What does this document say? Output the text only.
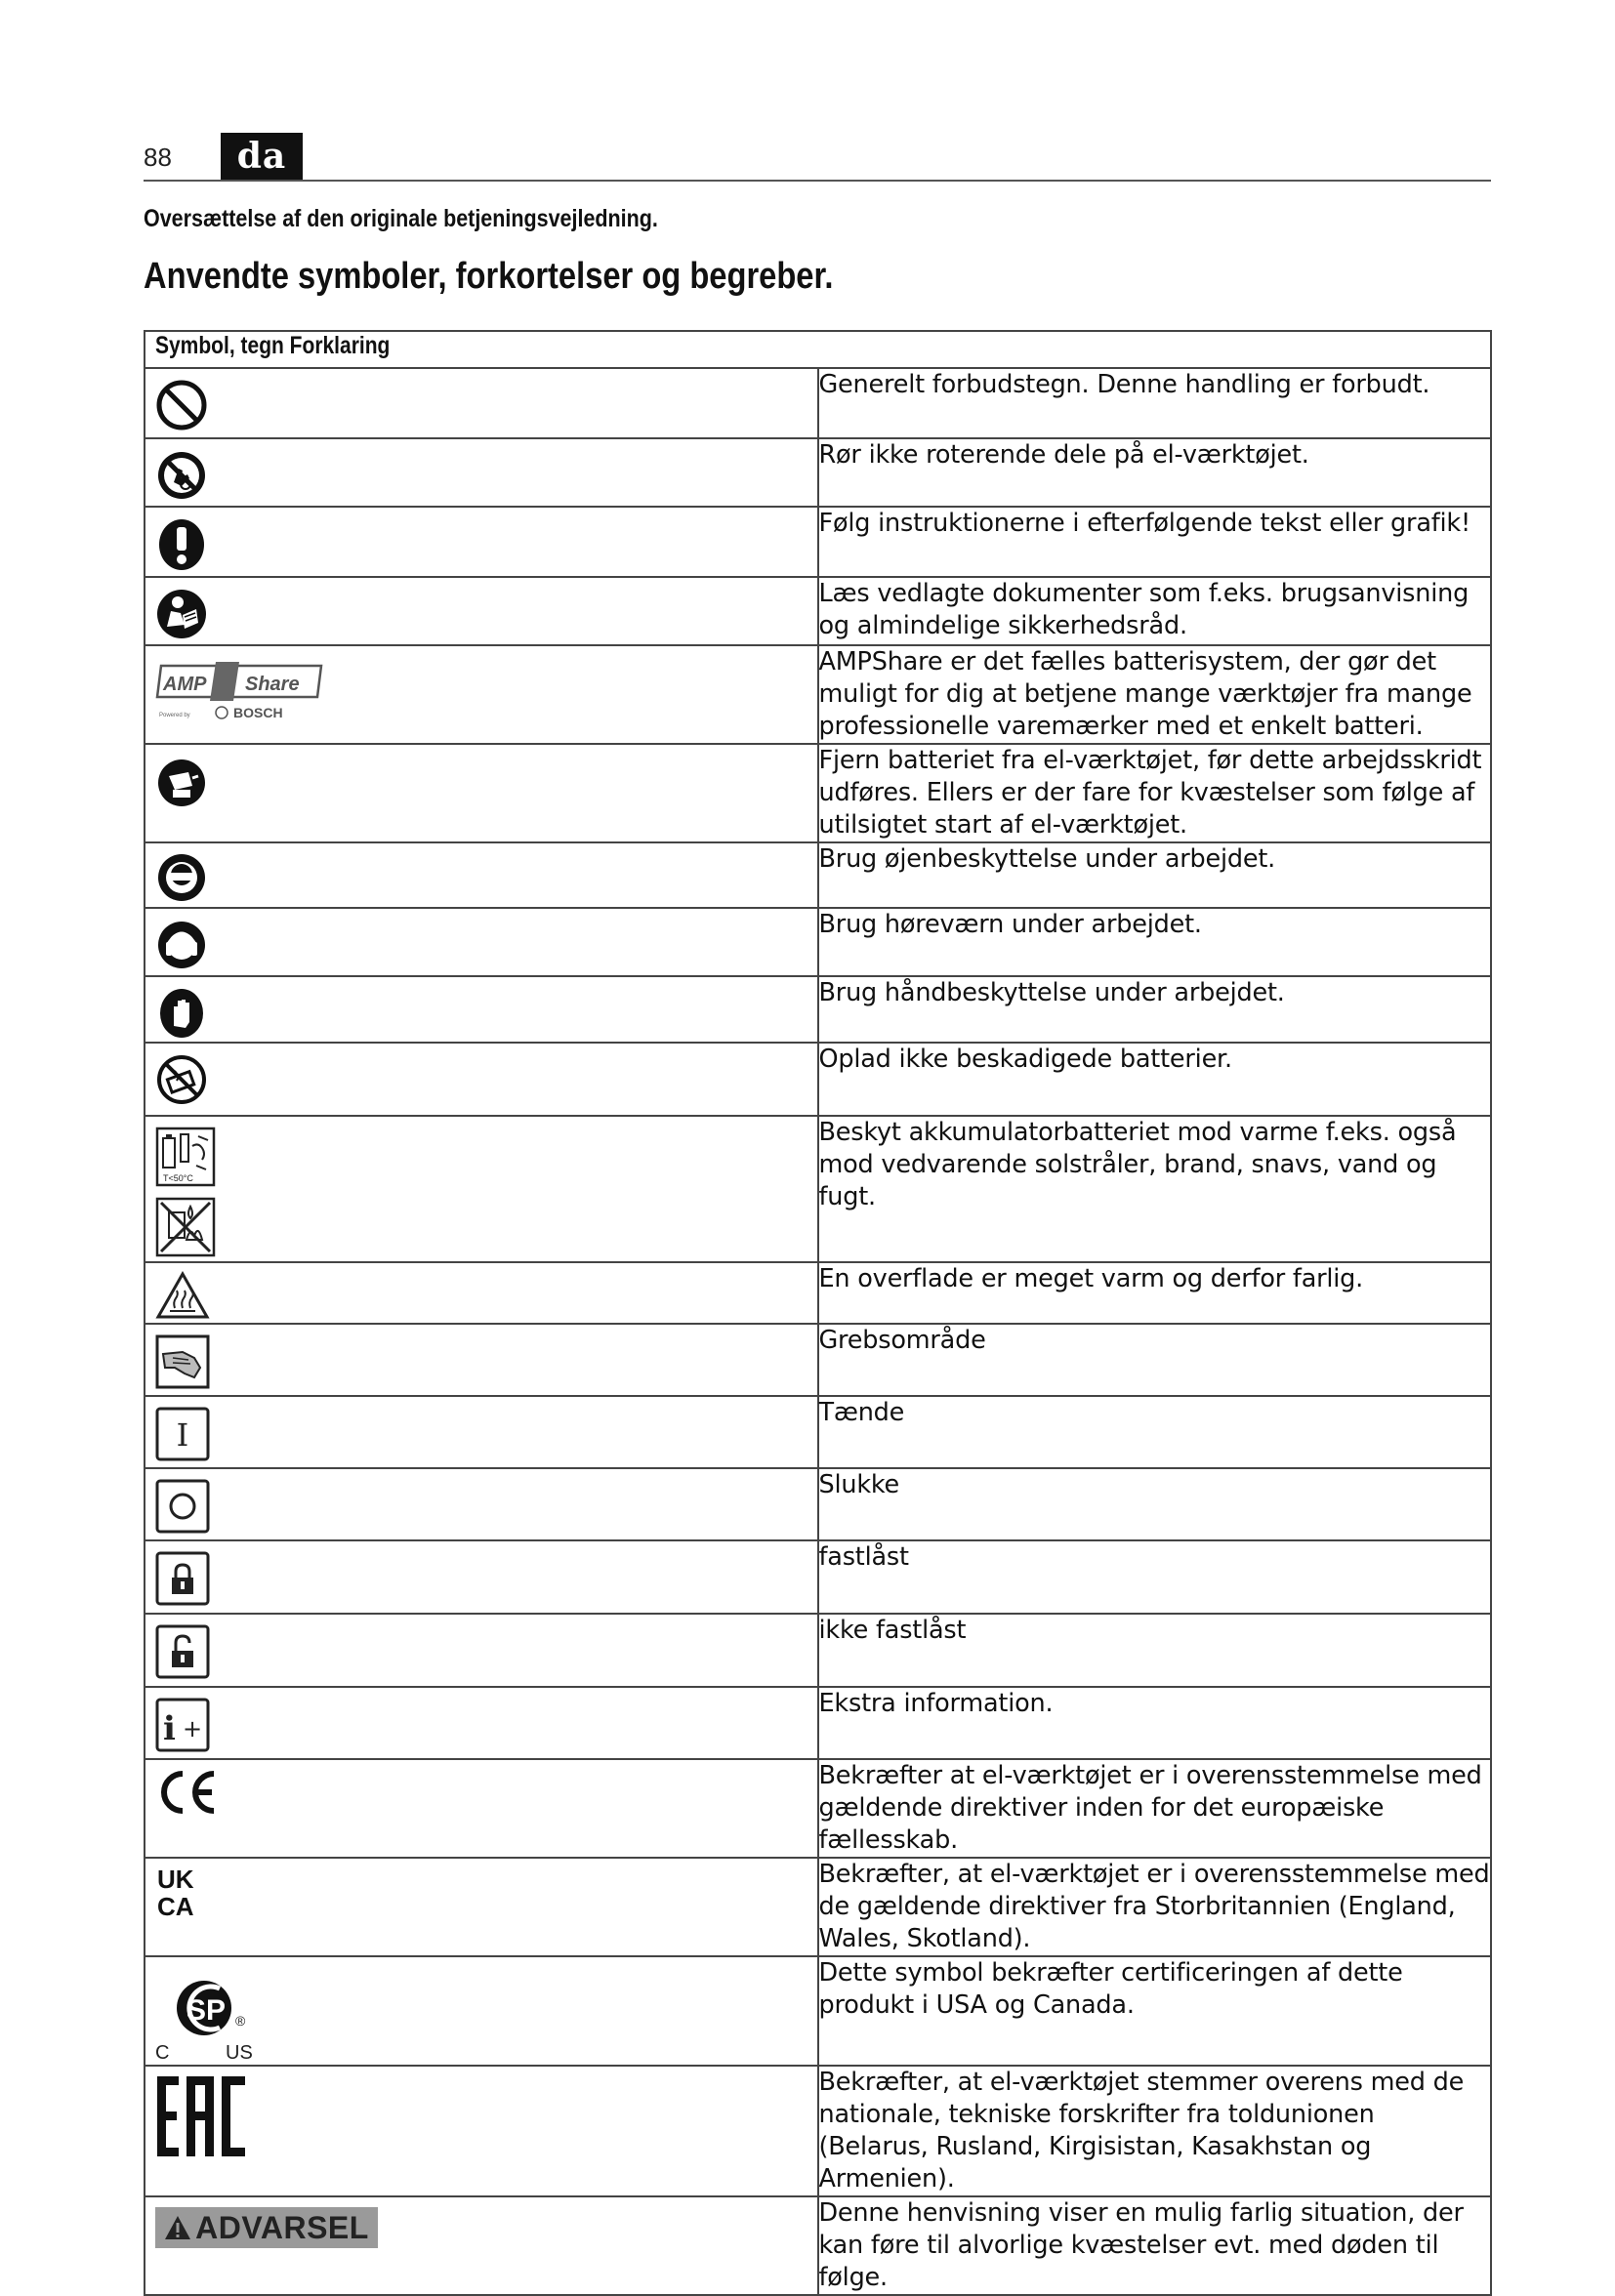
88	da
Oversættelse af den originale betjeningsvejledning.
Anvendte symboler, forkortelser og begreber.
Symbol, tegn Forklaring	

	Generelt forbudstegn. Denne handling er forbudt.

	Rør ikke roterende dele på el-værktøjet.

	Følg instruktionerne i efterfølgende tekst eller grafik!

	Læs vedlagte dokumenter som f.eks. brugsanvisning og almindelige sikkerhedsråd.

AMP Share
Powered by BOSCH	AMPShare er det fælles batterisystem, der gør det muligt for dig at betjene mange værktøjer fra mange professionelle varemærker med et enkelt batteri.

	Fjern batteriet fra el-værktøjet, før dette arbejdsskridt udføres. Ellers er der fare for kvæstelser som følge af utilsigtet start af el-værktøjet.

	Brug øjenbeskyttelse under arbejdet.

	Brug høreværn under arbejdet.

	Brug håndbeskyttelse under arbejdet.

	Oplad ikke beskadigede batterier.

T<50°C	Beskyt akkumulatorbatteriet mod varme f.eks. også mod vedvarende solstråler, brand, snavs, vand og fugt.

	En overflade er meget varm og derfor farlig.

	Grebsområde

I	Tænde

	Slukke

	fastlåst

	ikke fastlåst

i +	Ekstra information.

	Bekræfter at el-værktøjet er i overensstemmelse med gældende direktiver inden for det europæiske fællesskab.

UK
CA	Bekræfter, at el-værktøjet er i overensstemmelse med de gældende direktiver fra Storbritannien (England, Wales, Skotland).

SP ®
C US	Dette symbol bekræfter certificeringen af dette produkt i USA og Canada.

	Bekræfter, at el-værktøjet stemmer overens med de nationale, tekniske forskrifter fra toldunionen (Belarus, Rusland, Kirgisistan, Kasakhstan og Armenien).

ADVARSEL	Denne henvisning viser en mulig farlig situation, der kan føre til alvorlige kvæstelser evt. med døden til følge.
